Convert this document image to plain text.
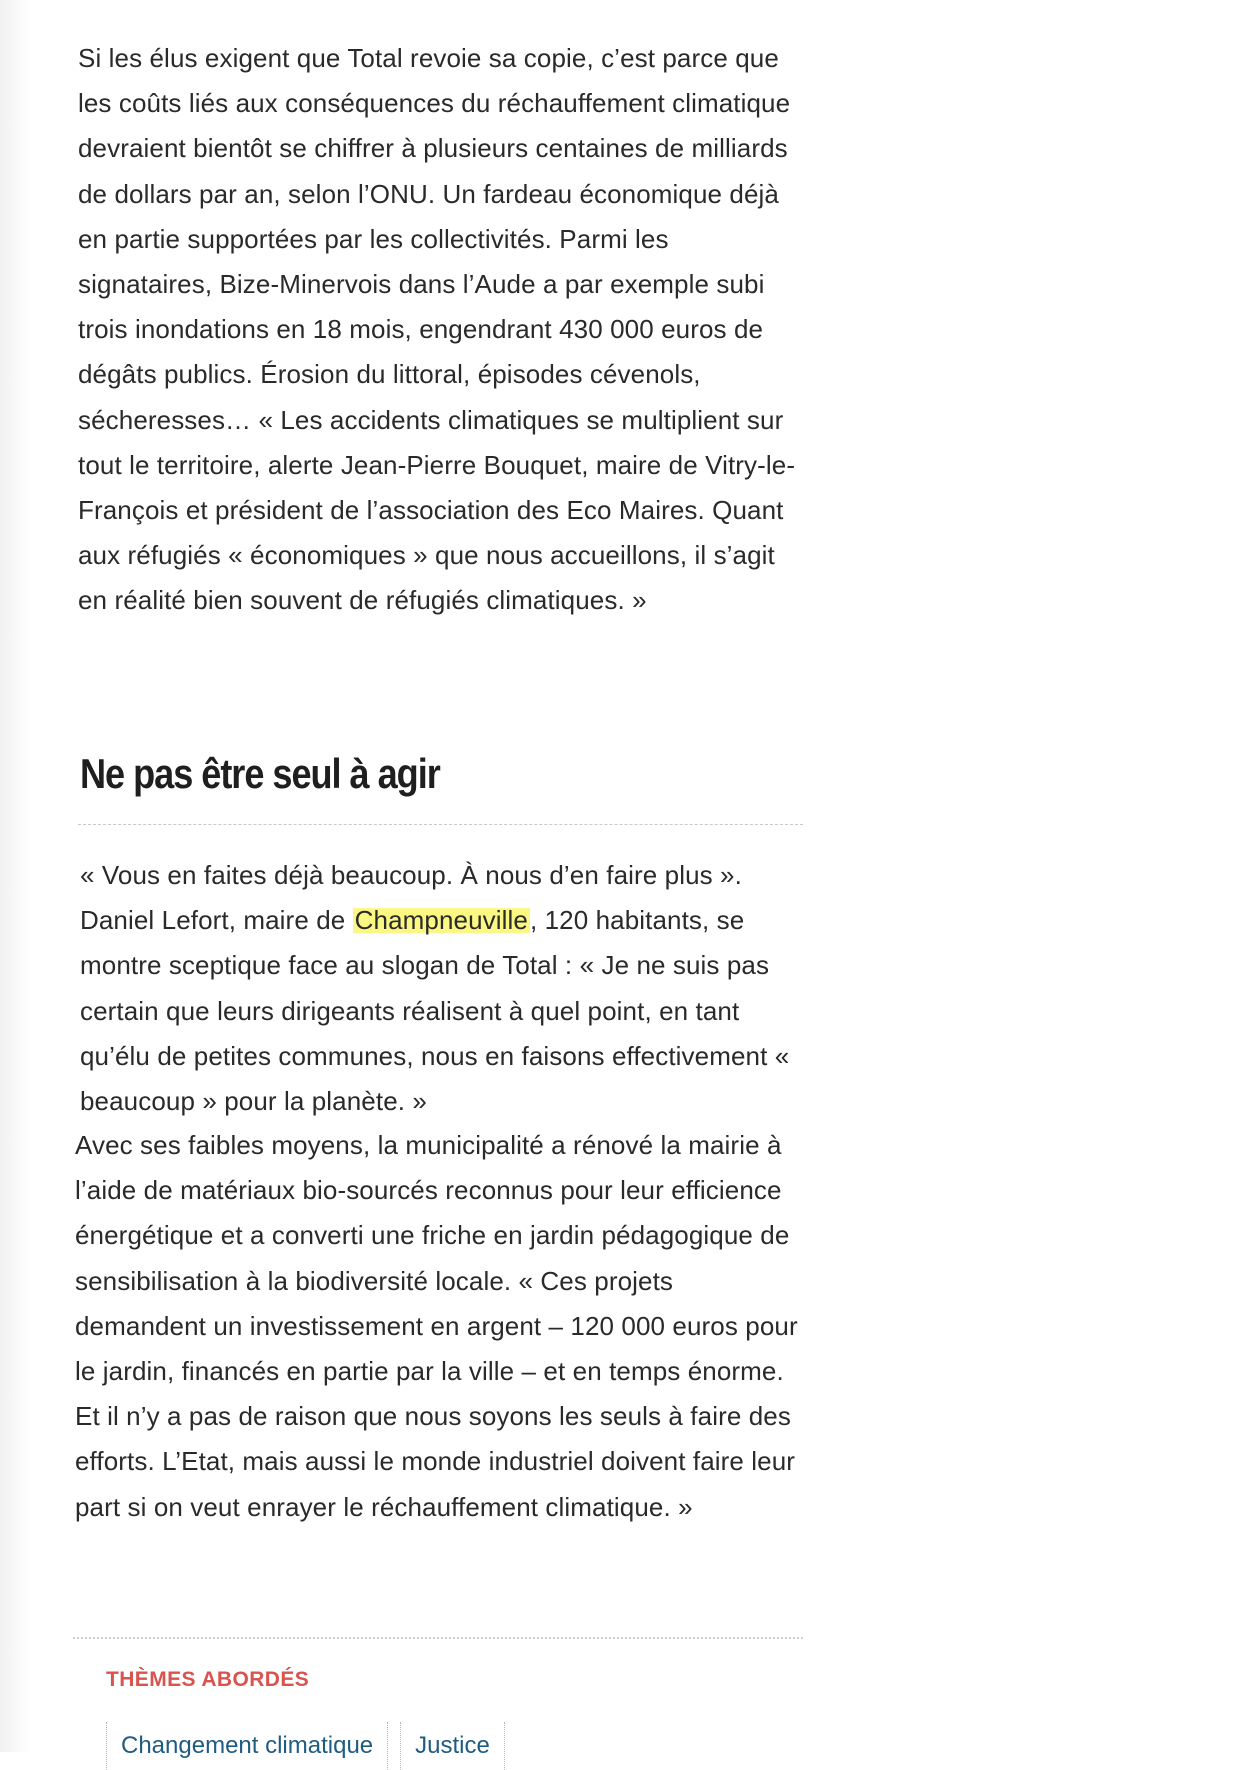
Si les élus exigent que Total revoie sa copie, c’est parce que les coûts liés aux conséquences du réchauffement climatique devraient bientôt se chiffrer à plusieurs centaines de milliards de dollars par an, selon l’ONU. Un fardeau économique déjà en partie supportées par les collectivités. Parmi les signataires, Bize-Minervois dans l’Aude a par exemple subi trois inondations en 18 mois, engendrant 430 000 euros de dégâts publics. Érosion du littoral, épisodes cévenols, sécheresses… « Les accidents climatiques se multiplient sur tout le territoire, alerte Jean-Pierre Bouquet, maire de Vitry-le-François et président de l’association des Eco Maires. Quant aux réfugiés « économiques » que nous accueillons, il s’agit en réalité bien souvent de réfugiés climatiques. »

Ne pas être seul à agir

« Vous en faites déjà beaucoup. À nous d’en faire plus ». Daniel Lefort, maire de Champneuville, 120 habitants, se montre sceptique face au slogan de Total : « Je ne suis pas certain que leurs dirigeants réalisent à quel point, en tant qu’élu de petites communes, nous en faisons effectivement « beaucoup » pour la planète. »

Avec ses faibles moyens, la municipalité a rénové la mairie à l’aide de matériaux bio-sourcés reconnus pour leur efficience énergétique et a converti une friche en jardin pédagogique de sensibilisation à la biodiversité locale. « Ces projets demandent un investissement en argent – 120 000 euros pour le jardin, financés en partie par la ville – et en temps énorme. Et il n’y a pas de raison que nous soyons les seuls à faire des efforts. L’Etat, mais aussi le monde industriel doivent faire leur part si on veut enrayer le réchauffement climatique. »

THÈMES ABORDÉS
Changement climatique	Justice
